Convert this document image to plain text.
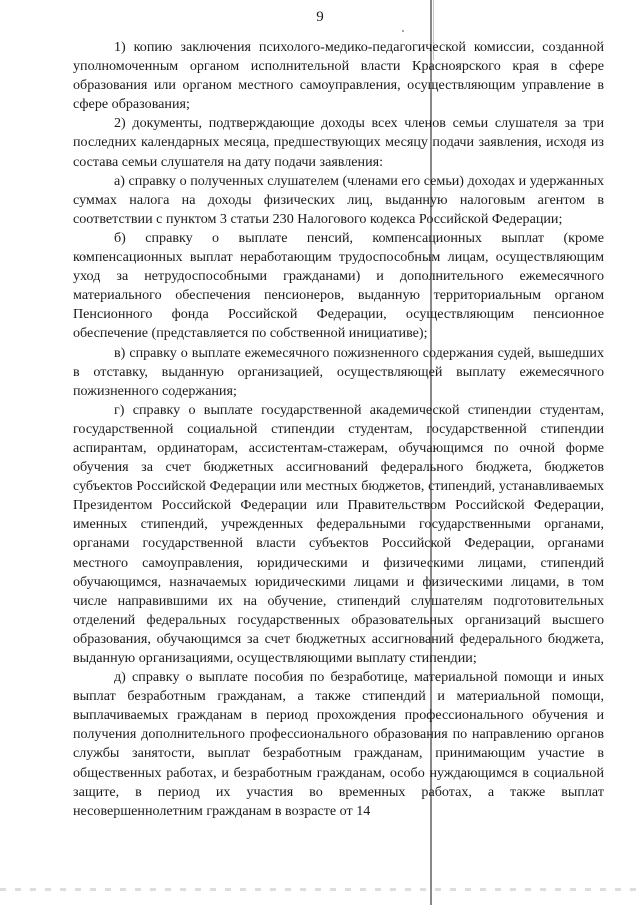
9

1) копию заключения психолого-медико-педагогической комиссии, созданной уполномоченным органом исполнительной власти Красноярского края в сфере образования или органом местного самоуправления, осуществляющим управление в сфере образования;

2) документы, подтверждающие доходы всех членов семьи слушателя за три последних календарных месяца, предшествующих месяцу подачи заявления, исходя из состава семьи слушателя на дату подачи заявления:

а) справку о полученных слушателем (членами его семьи) доходах и удержанных суммах налога на доходы физических лиц, выданную налоговым агентом в соответствии с пунктом 3 статьи 230 Налогового кодекса Российской Федерации;

б) справку о выплате пенсий, компенсационных выплат (кроме компенсационных выплат неработающим трудоспособным лицам, осуществляющим уход за нетрудоспособными гражданами) и дополнительного ежемесячного материального обеспечения пенсионеров, выданную территориальным органом Пенсионного фонда Российской Федерации, осуществляющим пенсионное обеспечение (представляется по собственной инициативе);

в) справку о выплате ежемесячного пожизненного содержания судей, вышедших в отставку, выданную организацией, осуществляющей выплату ежемесячного пожизненного содержания;

г) справку о выплате государственной академической стипендии студентам, государственной социальной стипендии студентам, государственной стипендии аспирантам, ординаторам, ассистентам-стажерам, обучающимся по очной форме обучения за счет бюджетных ассигнований федерального бюджета, бюджетов субъектов Российской Федерации или местных бюджетов, стипендий, устанавливаемых Президентом Российской Федерации или Правительством Российской Федерации, именных стипендий, учрежденных федеральными государственными органами, органами государственной власти субъектов Российской Федерации, органами местного самоуправления, юридическими и физическими лицами, стипендий обучающимся, назначаемых юридическими лицами и физическими лицами, в том числе направившими их на обучение, стипендий слушателям подготовительных отделений федеральных государственных образовательных организаций высшего образования, обучающимся за счет бюджетных ассигнований федерального бюджета, выданную организациями, осуществляющими выплату стипендии;

д) справку о выплате пособия по безработице, материальной помощи и иных выплат безработным гражданам, а также стипендий и материальной помощи, выплачиваемых гражданам в период прохождения профессионального обучения и получения дополнительного профессионального образования по направлению органов службы занятости, выплат безработным гражданам, принимающим участие в общественных работах, и безработным гражданам, особо нуждающимся в социальной защите, в период их участия во временных работах, а также выплат несовершеннолетним гражданам в возрасте от 14
